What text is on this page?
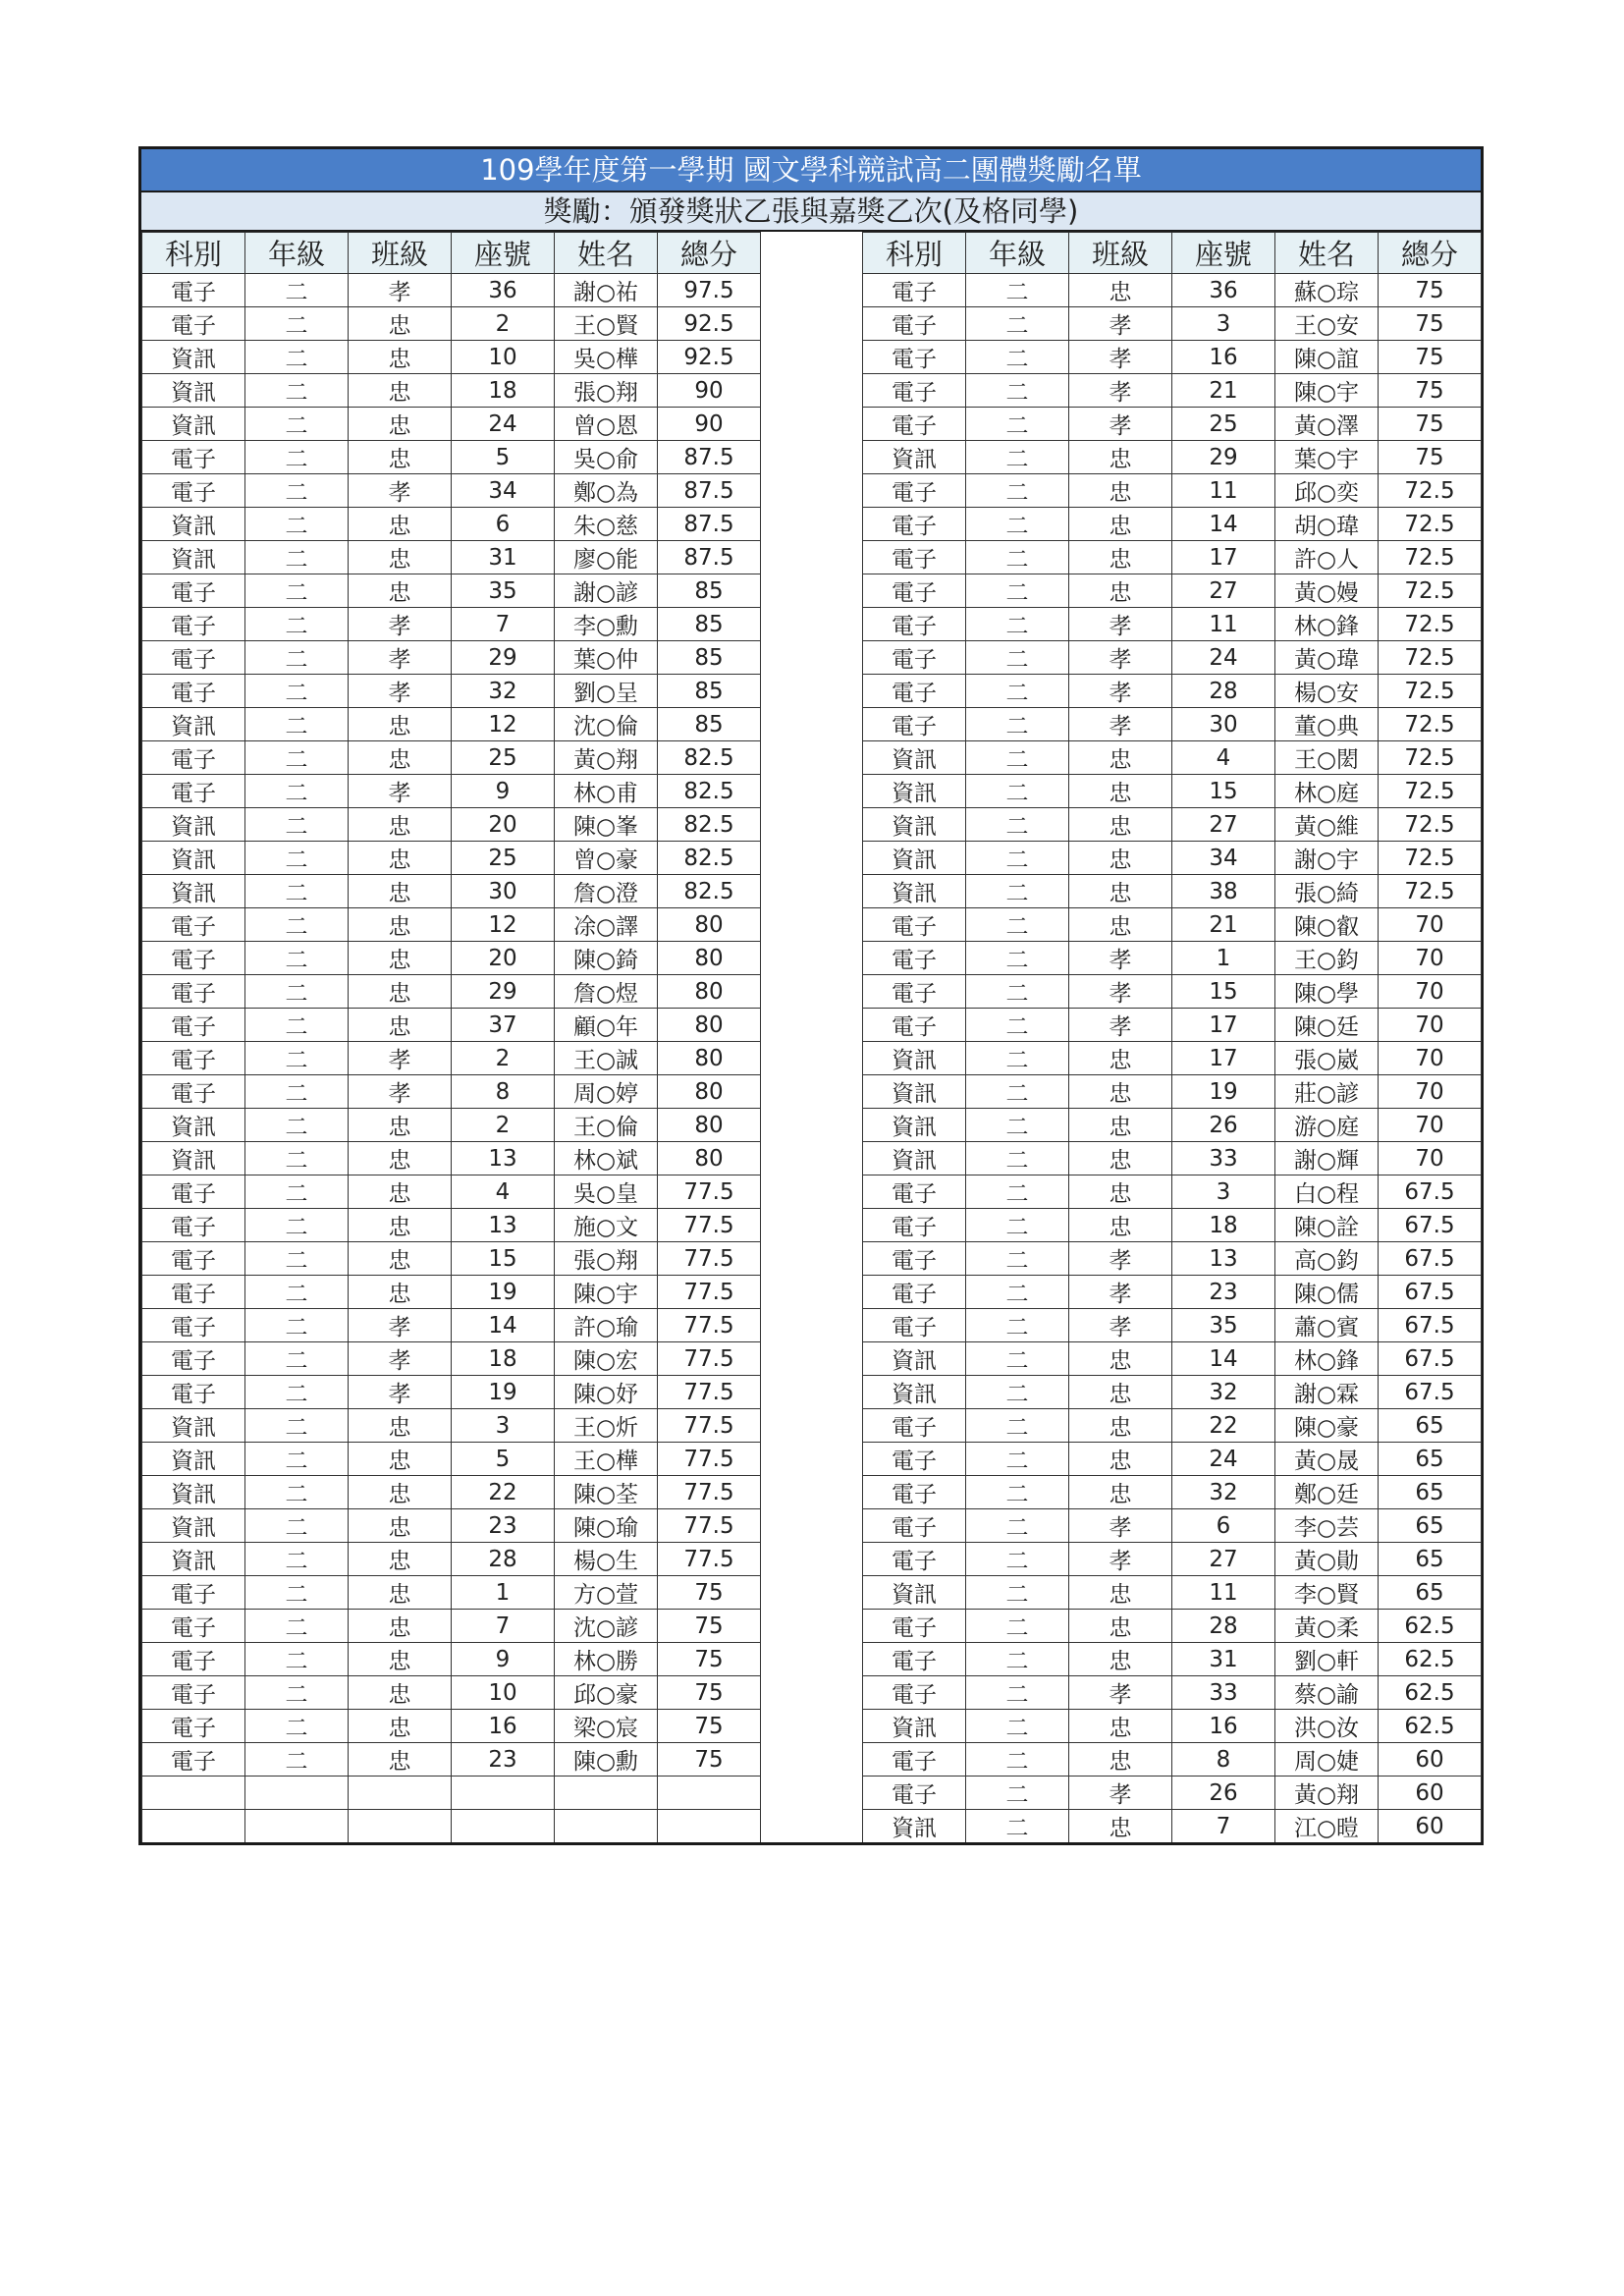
109學年度第一學期 國文學科競試高二團體獎勵名單
獎勵：頒發獎狀乙張與嘉獎乙次(及格同學)
科別	年級	班級	座號	姓名	總分		科別	年級	班級	座號	姓名	總分
電子	二	孝	36	謝○祐	97.5		電子	二	忠	36	蘇○琮	75
電子	二	忠	2	王○賢	92.5		電子	二	孝	3	王○安	75
資訊	二	忠	10	吳○樺	92.5		電子	二	孝	16	陳○誼	75
資訊	二	忠	18	張○翔	90		電子	二	孝	21	陳○宇	75
資訊	二	忠	24	曾○恩	90		電子	二	孝	25	黃○澤	75
電子	二	忠	5	吳○俞	87.5		資訊	二	忠	29	葉○宇	75
電子	二	孝	34	鄭○為	87.5		電子	二	忠	11	邱○奕	72.5
資訊	二	忠	6	朱○慈	87.5		電子	二	忠	14	胡○瑋	72.5
資訊	二	忠	31	廖○能	87.5		電子	二	忠	17	許○人	72.5
電子	二	忠	35	謝○諺	85		電子	二	忠	27	黃○嫚	72.5
電子	二	孝	7	李○勳	85		電子	二	孝	11	林○鋒	72.5
電子	二	孝	29	葉○仲	85		電子	二	孝	24	黃○瑋	72.5
電子	二	孝	32	劉○呈	85		電子	二	孝	28	楊○安	72.5
資訊	二	忠	12	沈○倫	85		電子	二	孝	30	董○典	72.5
電子	二	忠	25	黃○翔	82.5		資訊	二	忠	4	王○閎	72.5
電子	二	孝	9	林○甫	82.5		資訊	二	忠	15	林○庭	72.5
資訊	二	忠	20	陳○峯	82.5		資訊	二	忠	27	黃○維	72.5
資訊	二	忠	25	曾○豪	82.5		資訊	二	忠	34	謝○宇	72.5
資訊	二	忠	30	詹○澄	82.5		資訊	二	忠	38	張○綺	72.5
電子	二	忠	12	凃○譯	80		電子	二	忠	21	陳○叡	70
電子	二	忠	20	陳○錡	80		電子	二	孝	1	王○鈞	70
電子	二	忠	29	詹○煜	80		電子	二	孝	15	陳○學	70
電子	二	忠	37	顧○年	80		電子	二	孝	17	陳○廷	70
電子	二	孝	2	王○誠	80		資訊	二	忠	17	張○崴	70
電子	二	孝	8	周○婷	80		資訊	二	忠	19	莊○諺	70
資訊	二	忠	2	王○倫	80		資訊	二	忠	26	游○庭	70
資訊	二	忠	13	林○斌	80		資訊	二	忠	33	謝○輝	70
電子	二	忠	4	吳○皇	77.5		電子	二	忠	3	白○程	67.5
電子	二	忠	13	施○文	77.5		電子	二	忠	18	陳○詮	67.5
電子	二	忠	15	張○翔	77.5		電子	二	孝	13	高○鈞	67.5
電子	二	忠	19	陳○宇	77.5		電子	二	孝	23	陳○儒	67.5
電子	二	孝	14	許○瑜	77.5		電子	二	孝	35	蕭○賓	67.5
電子	二	孝	18	陳○宏	77.5		資訊	二	忠	14	林○鋒	67.5
電子	二	孝	19	陳○妤	77.5		資訊	二	忠	32	謝○霖	67.5
資訊	二	忠	3	王○炘	77.5		電子	二	忠	22	陳○豪	65
資訊	二	忠	5	王○樺	77.5		電子	二	忠	24	黃○晟	65
資訊	二	忠	22	陳○荃	77.5		電子	二	忠	32	鄭○廷	65
資訊	二	忠	23	陳○瑜	77.5		電子	二	孝	6	李○芸	65
資訊	二	忠	28	楊○生	77.5		電子	二	孝	27	黃○勛	65
電子	二	忠	1	方○萱	75		資訊	二	忠	11	李○賢	65
電子	二	忠	7	沈○諺	75		電子	二	忠	28	黃○柔	62.5
電子	二	忠	9	林○勝	75		電子	二	忠	31	劉○軒	62.5
電子	二	忠	10	邱○豪	75		電子	二	孝	33	蔡○諭	62.5
電子	二	忠	16	梁○宸	75		資訊	二	忠	16	洪○汝	62.5
電子	二	忠	23	陳○勳	75		電子	二	忠	8	周○婕	60
							電子	二	孝	26	黃○翔	60
							資訊	二	忠	7	江○暟	60
